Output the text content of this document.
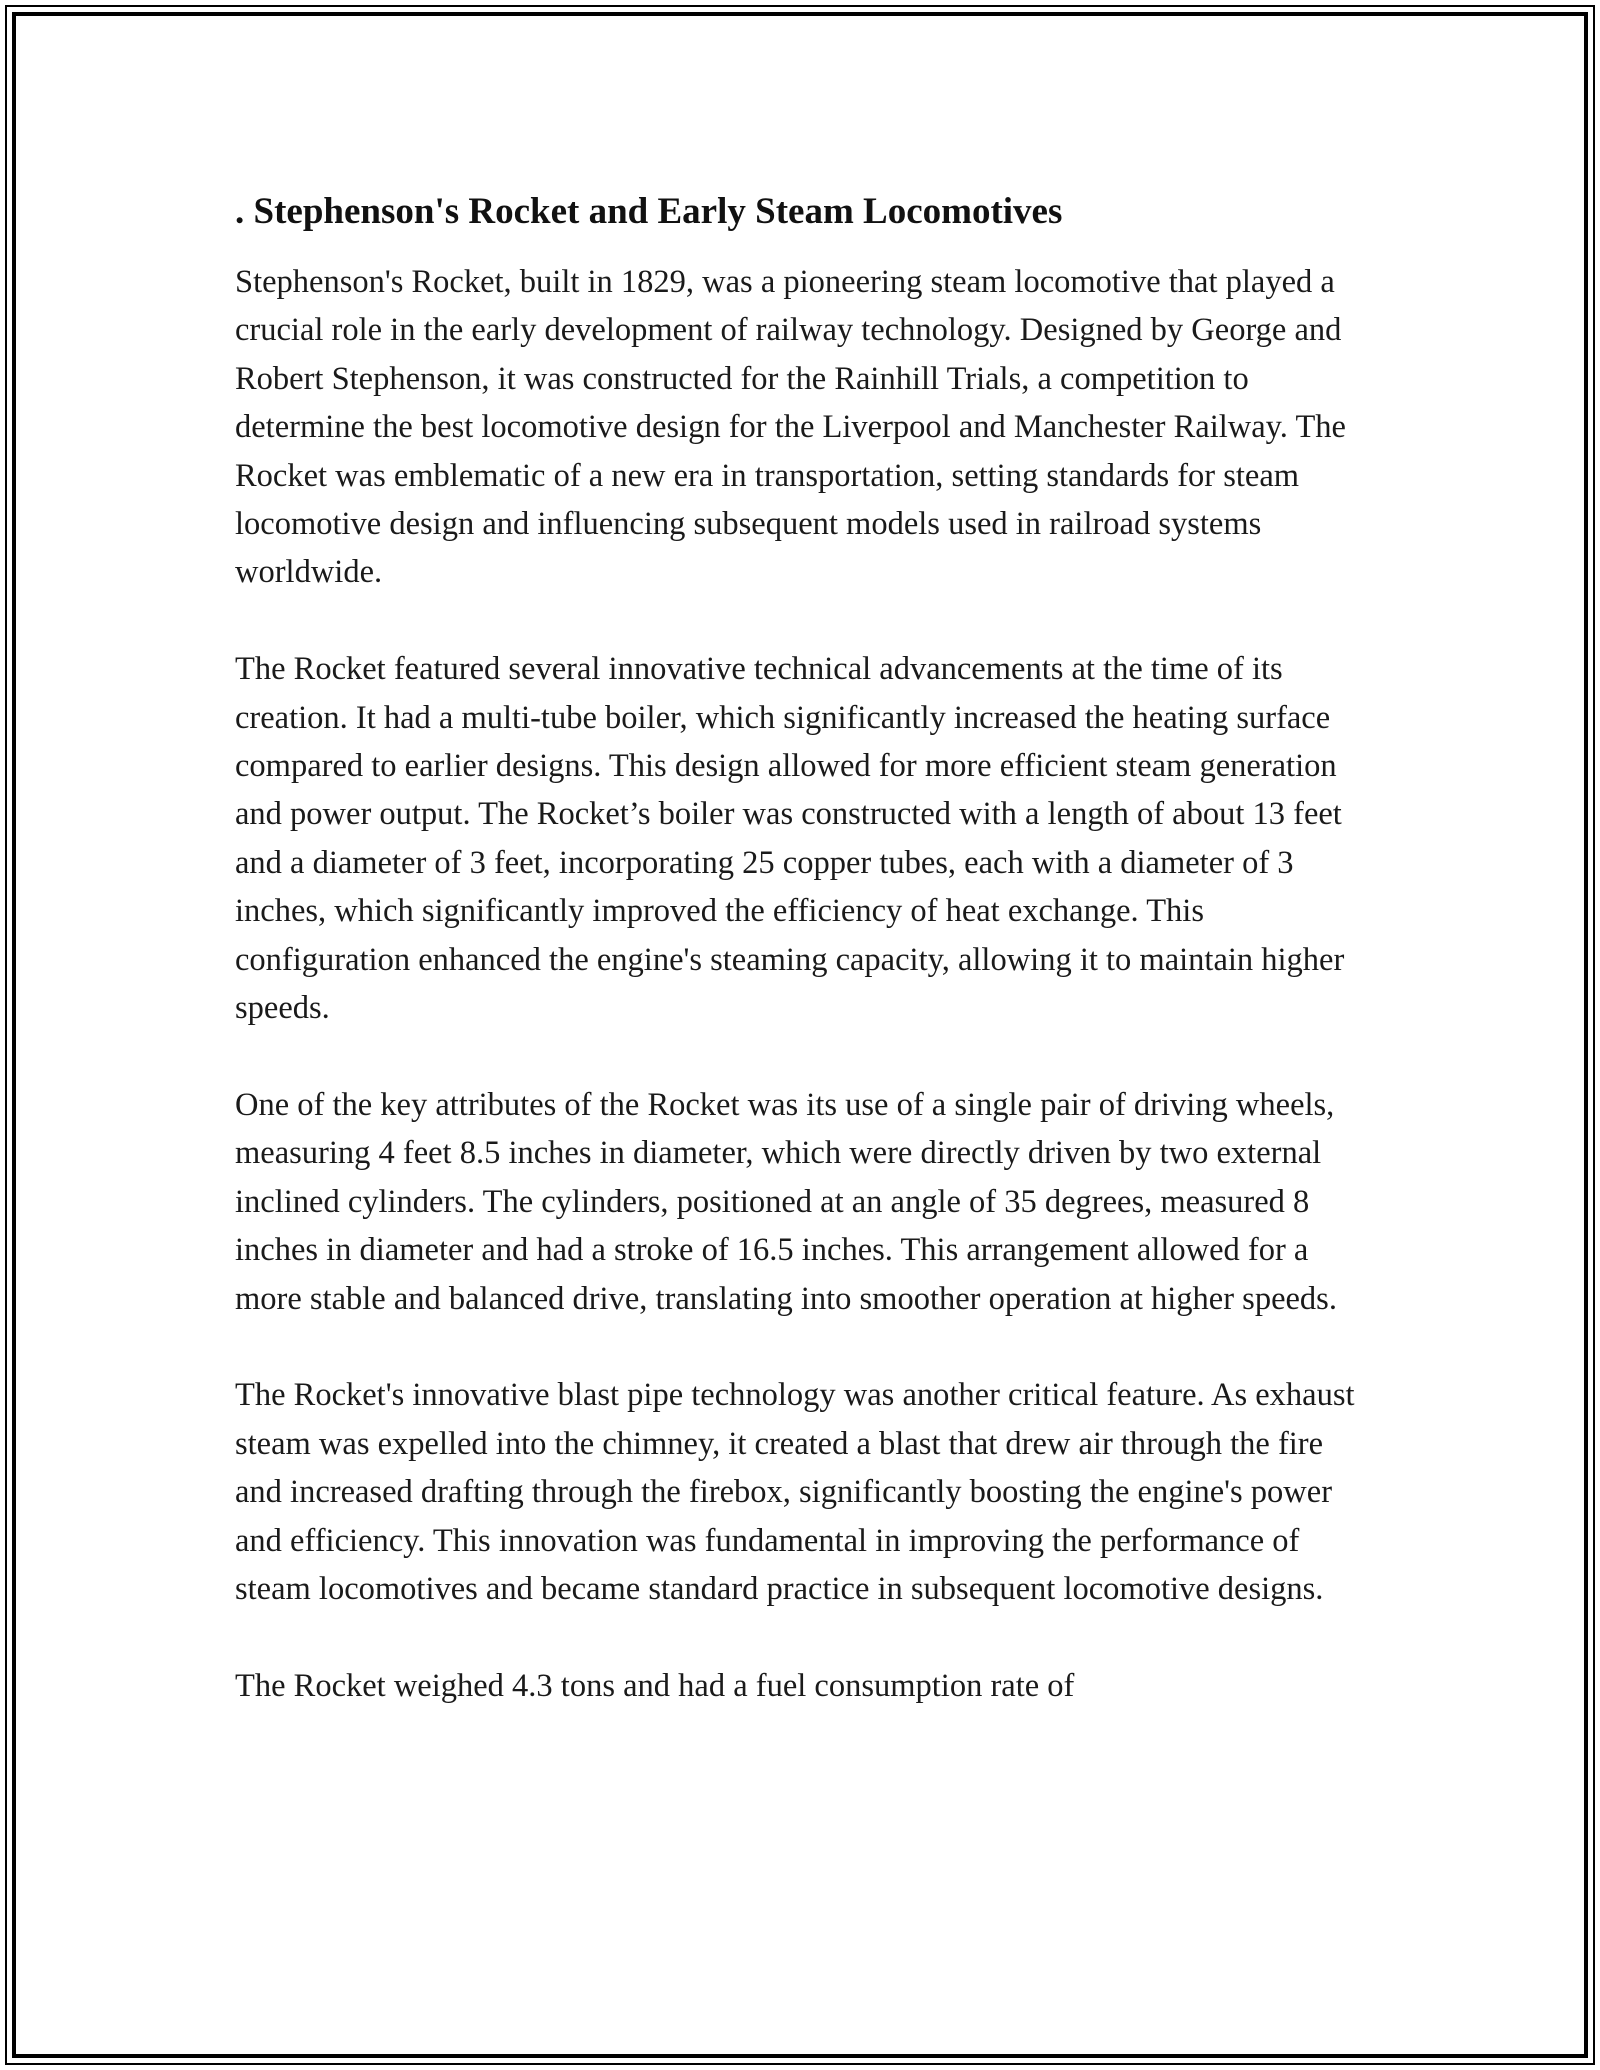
. Stephenson's Rocket and Early Steam Locomotives

Stephenson's Rocket, built in 1829, was a pioneering steam locomotive that played a crucial role in the early development of railway technology. Designed by George and Robert Stephenson, it was constructed for the Rainhill Trials, a competition to determine the best locomotive design for the Liverpool and Manchester Railway. The Rocket was emblematic of a new era in transportation, setting standards for steam locomotive design and influencing subsequent models used in railroad systems worldwide.

The Rocket featured several innovative technical advancements at the time of its creation. It had a multi-tube boiler, which significantly increased the heating surface compared to earlier designs. This design allowed for more efficient steam generation and power output. The Rocket’s boiler was constructed with a length of about 13 feet and a diameter of 3 feet, incorporating 25 copper tubes, each with a diameter of 3 inches, which significantly improved the efficiency of heat exchange. This configuration enhanced the engine's steaming capacity, allowing it to maintain higher speeds.

One of the key attributes of the Rocket was its use of a single pair of driving wheels, measuring 4 feet 8.5 inches in diameter, which were directly driven by two external inclined cylinders. The cylinders, positioned at an angle of 35 degrees, measured 8 inches in diameter and had a stroke of 16.5 inches. This arrangement allowed for a more stable and balanced drive, translating into smoother operation at higher speeds.

The Rocket's innovative blast pipe technology was another critical feature. As exhaust steam was expelled into the chimney, it created a blast that drew air through the fire and increased drafting through the firebox, significantly boosting the engine's power and efficiency. This innovation was fundamental in improving the performance of steam locomotives and became standard practice in subsequent locomotive designs.

The Rocket weighed 4.3 tons and had a fuel consumption rate of
